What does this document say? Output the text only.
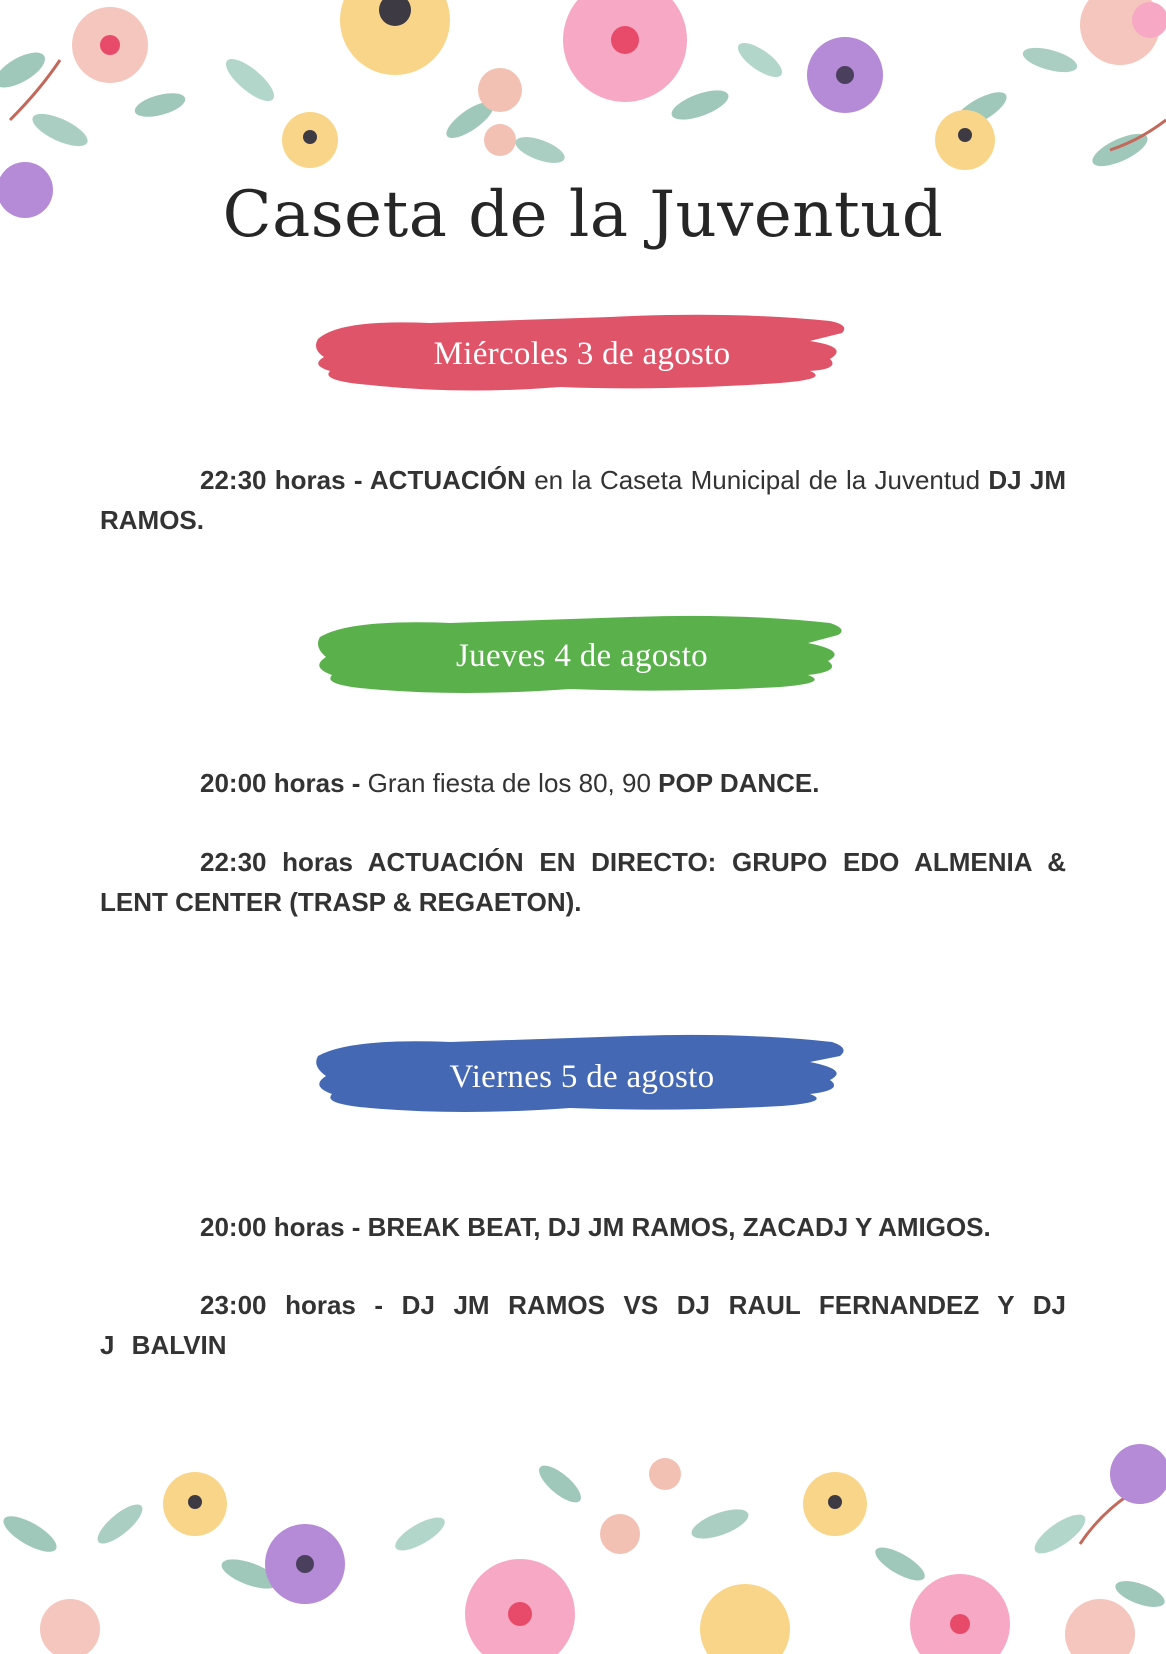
Caseta de la Juventud
Miércoles 3 de agosto
22:30 horas - ACTUACIÓN en la Caseta Municipal de la Juventud DJ JM RAMOS.
Jueves 4 de agosto
20:00 horas - Gran fiesta de los 80, 90 POP DANCE.
22:30 horas ACTUACIÓN EN DIRECTO: GRUPO EDO ALMENIA & LENT CENTER (TRASP & REGAETON).
Viernes 5 de agosto
20:00 horas - BREAK BEAT, DJ JM RAMOS, ZACADJ Y AMIGOS.
23:00 horas - DJ JM RAMOS VS DJ RAUL FERNANDEZ Y DJ J BALVIN
